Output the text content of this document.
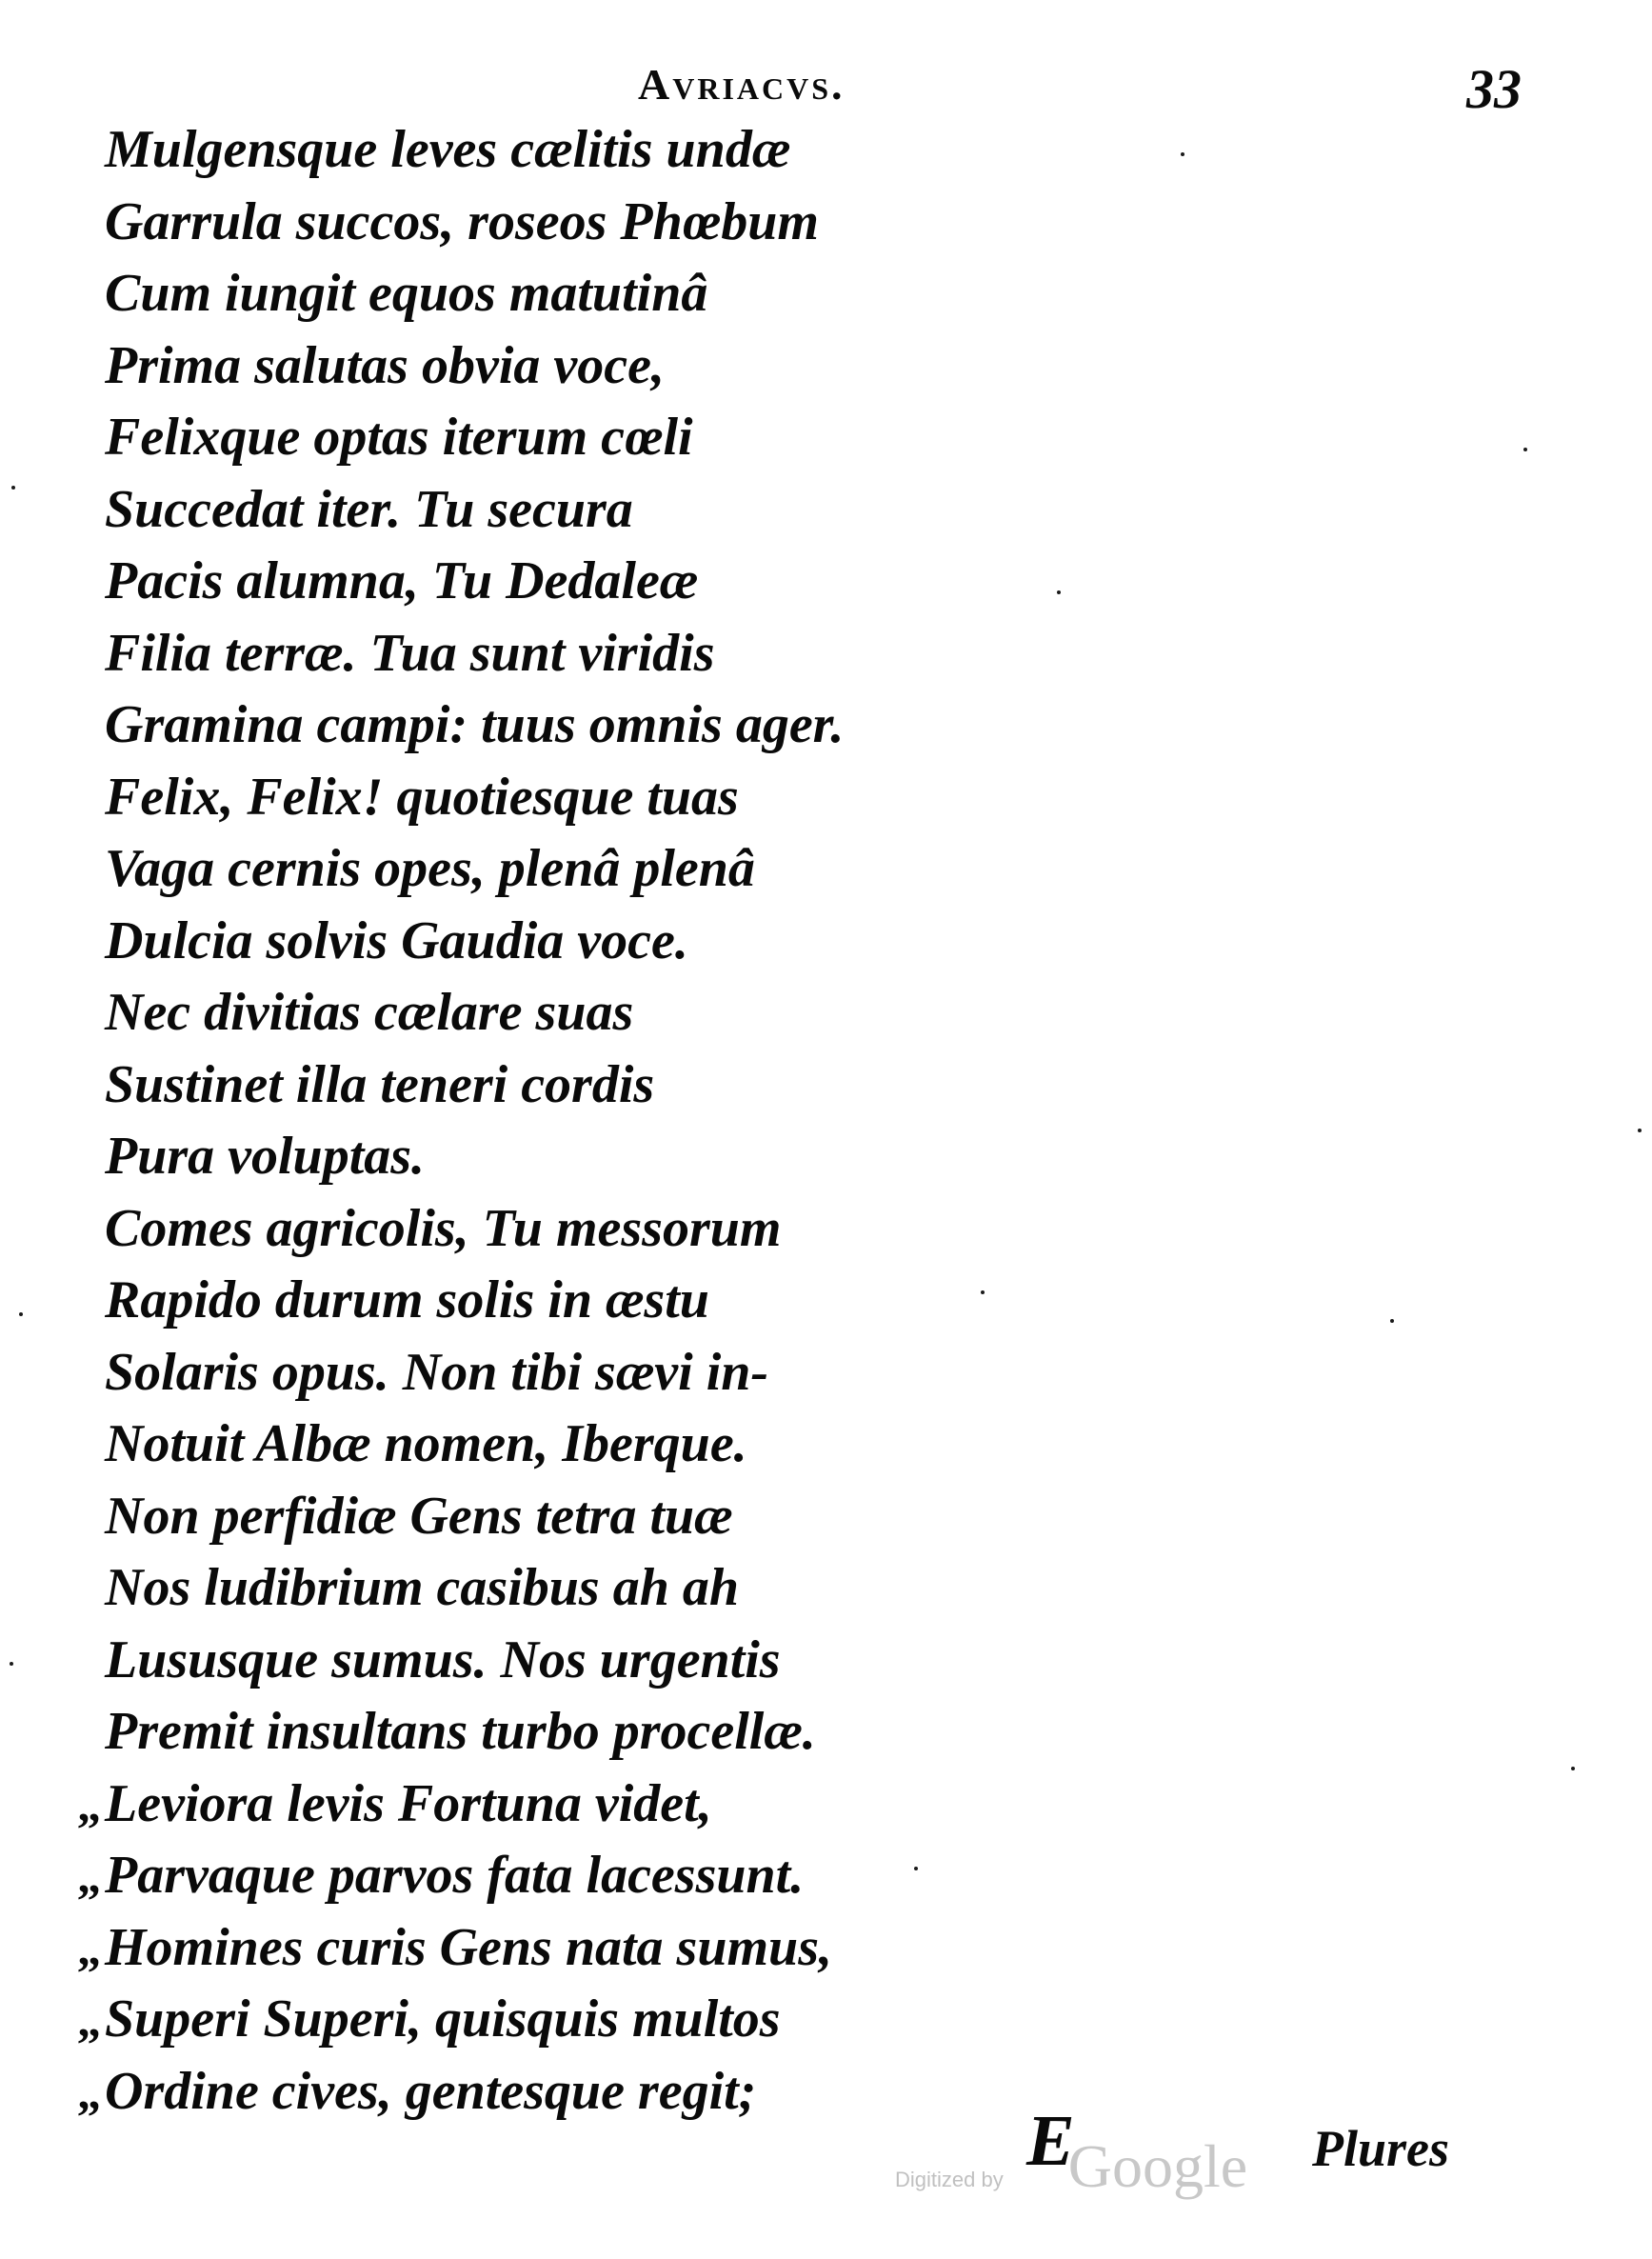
Avriacvs.	33
Mulgensque leves cælitis undæ
Garrula succos, roseos Phœbum
Cum iungit equos matutinâ
Prima salutas obvia voce,
Felixque optas iterum cœli
Succedat iter. Tu secura
Pacis alumna, Tu Dedaleæ
Filia terræ. Tua sunt viridis
Gramina campi: tuus omnis ager.
Felix, Felix! quotiesque tuas
Vaga cernis opes, plenâ plenâ
Dulcia solvis Gaudia voce.
Nec divitias cælare suas
Sustinet illa teneri cordis
Pura voluptas.
Comes agricolis, Tu messorum
Rapido durum solis in æstu
Solaris opus. Non tibi sævi in-
Notuit Albæ nomen, Iberque.
Non perfidiæ Gens tetra tuæ
Nos ludibrium casibus ah ah
Lususque sumus. Nos urgentis
Premit insultans turbo procellæ.
„Leviora levis Fortuna videt,
„Parvaque parvos fata lacessunt.
„Homines curis Gens nata sumus,
„Superi Superi, quisquis multos
„Ordine cives, gentesque regit;
Digitized by Google
E	Plures
